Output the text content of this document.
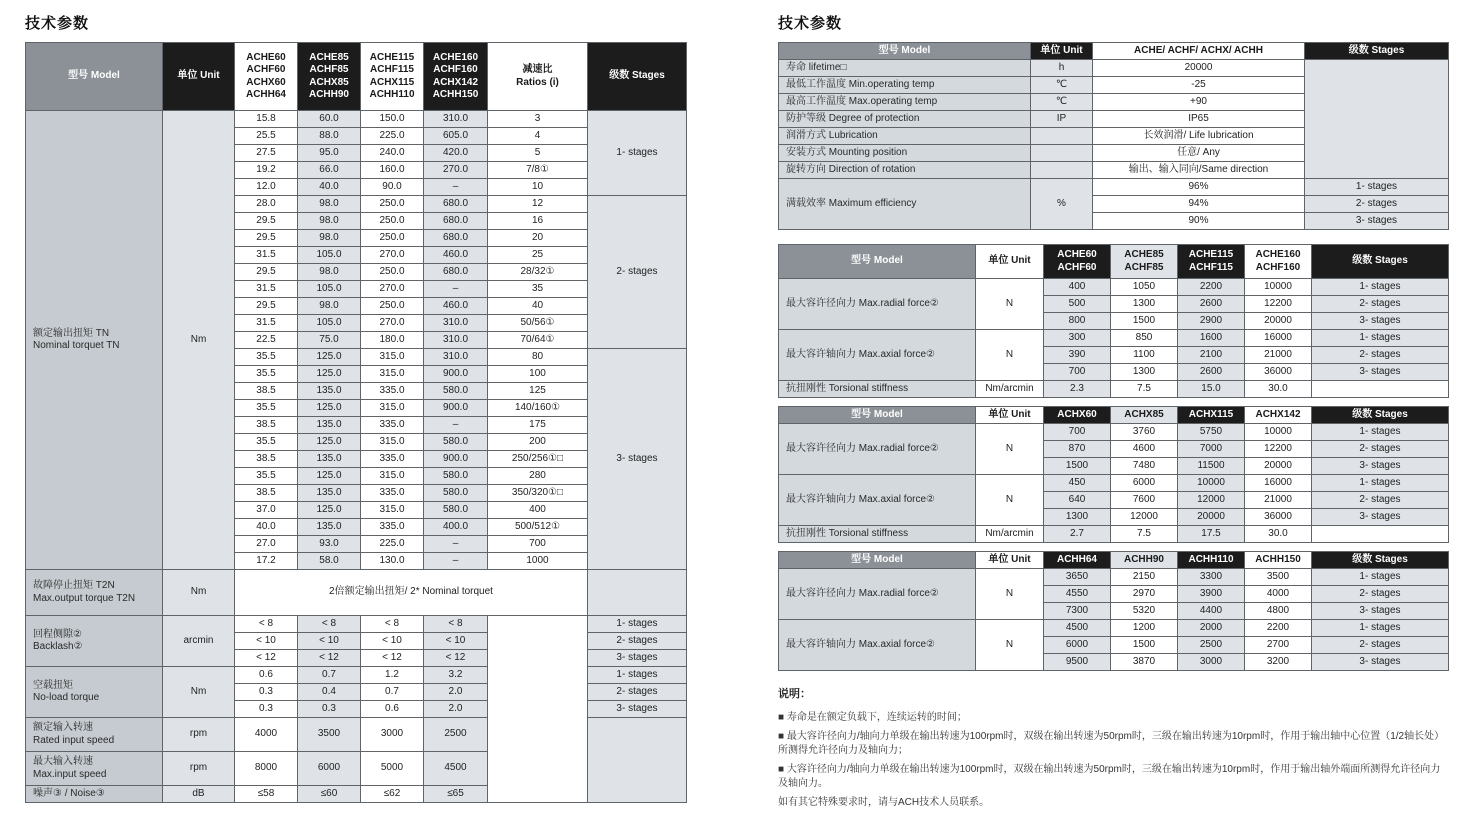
技术参数
型号 Model	单位 Unit	ACHE60
ACHF60
ACHX60
ACHH64	ACHE85
ACHF85
ACHX85
ACHH90	ACHE115
ACHF115
ACHX115
ACHH110	ACHE160
ACHF160
ACHX142
ACHH150	减速比
Ratios (i)	级数 Stages
额定输出扭矩 TN
Nominal torquet TN	Nm	15.8	60.0	150.0	310.0	3	1- stages
		25.5	88.0	225.0	605.0	4	
		27.5	95.0	240.0	420.0	5	
		19.2	66.0	160.0	270.0	7/8①	
		12.0	40.0	90.0	–	10	
		28.0	98.0	250.0	680.0	12	2- stages
		29.5	98.0	250.0	680.0	16	
		29.5	98.0	250.0	680.0	20	
		31.5	105.0	270.0	460.0	25	
		29.5	98.0	250.0	680.0	28/32①	
		31.5	105.0	270.0	–	35	
		29.5	98.0	250.0	460.0	40	
		31.5	105.0	270.0	310.0	50/56①	
		22.5	75.0	180.0	310.0	70/64①	
		35.5	125.0	315.0	310.0	80	3- stages
		35.5	125.0	315.0	900.0	100	
		38.5	135.0	335.0	580.0	125	
		35.5	125.0	315.0	900.0	140/160①	
		38.5	135.0	335.0	–	175	
		35.5	125.0	315.0	580.0	200	
		38.5	135.0	335.0	900.0	250/256①□	
		35.5	125.0	315.0	580.0	280	
		38.5	135.0	335.0	580.0	350/320①□	
		37.0	125.0	315.0	580.0	400	
		40.0	135.0	335.0	400.0	500/512①	
		27.0	93.0	225.0	–	700	
		17.2	58.0	130.0	–	1000	
故障停止扭矩 T2N
Max.output torque T2N	Nm	2倍额定输出扭矩/ 2* Nominal torquet					
回程侧隙②
Backlash②	arcmin	< 8	< 8	< 8	< 8		1- stages
		< 10	< 10	< 10	< 10		2- stages
		< 12	< 12	< 12	< 12		3- stages
空载扭矩
No-load torque	Nm	0.6	0.7	1.2	3.2		1- stages
		0.3	0.4	0.7	2.0		2- stages
		0.3	0.3	0.6	2.0		3- stages
额定输入转速
Rated input speed	rpm	4000	3500	3000	2500		
最大输入转速
Max.input speed	rpm	8000	6000	5000	4500		
噪声③ / Noise③	dB	≤58	≤60	≤62	≤65		
技术参数
型号 Model	单位 Unit	ACHE/ ACHF/ ACHX/ ACHH	级数 Stages
寿命 lifetime□	h	20000	
最低工作温度 Min.operating temp	℃	-25	
最高工作温度 Max.operating temp	℃	+90	
防护等级 Degree of protection	IP	IP65	
润滑方式 Lubrication		长效润滑/ Life lubrication	
安装方式 Mounting position		任意/ Any	
旋转方向 Direction of rotation		输出、输入同向/Same direction	
满载效率 Maximum efficiency	%	96%	1- stages
		94%	2- stages
		90%	3- stages
型号 Model	单位 Unit	ACHE60
ACHF60	ACHE85
ACHF85	ACHE115
ACHF115	ACHE160
ACHF160	级数 Stages
最大容许径向力 Max.radial force②	N	400	1050	2200	10000	1- stages
		500	1300	2600	12200	2- stages
		800	1500	2900	20000	3- stages
最大容许轴向力 Max.axial force②	N	300	850	1600	16000	1- stages
		390	1100	2100	21000	2- stages
		700	1300	2600	36000	3- stages
抗扭刚性 Torsional stiffness	Nm/arcmin	2.3	7.5	15.0	30.0	
型号 Model	单位 Unit	ACHX60	ACHX85	ACHX115	ACHX142	级数 Stages
最大容许径向力 Max.radial force②	N	700	3760	5750	10000	1- stages
		870	4600	7000	12200	2- stages
		1500	7480	11500	20000	3- stages
最大容许轴向力 Max.axial force②	N	450	6000	10000	16000	1- stages
		640	7600	12000	21000	2- stages
		1300	12000	20000	36000	3- stages
抗扭刚性 Torsional stiffness	Nm/arcmin	2.7	7.5	17.5	30.0	
型号 Model	单位 Unit	ACHH64	ACHH90	ACHH110	ACHH150	级数 Stages
最大容许径向力 Max.radial force②	N	3650	2150	3300	3500	1- stages
		4550	2970	3900	4000	2- stages
		7300	5320	4400	4800	3- stages
最大容许轴向力 Max.axial force②	N	4500	1200	2000	2200	1- stages
		6000	1500	2500	2700	2- stages
		9500	3870	3000	3200	3- stages
说明：
■ 寿命是在额定负载下，连续运转的时间；
■ 最大容许径向力/轴向力单级在输出转速为100rpm时，双级在输出转速为50rpm时，三级在输出转速为10rpm时，作用于输出轴中心位置（1/2轴长处）所测得允许径向力及轴向力；
■ 大容许径向力/轴向力单级在输出转速为100rpm时，双级在输出转速为50rpm时，三级在输出转速为10rpm时，作用于输出轴外端面所测得允许径向力及轴向力。
如有其它特殊要求时，请与ACH技术人员联系。
